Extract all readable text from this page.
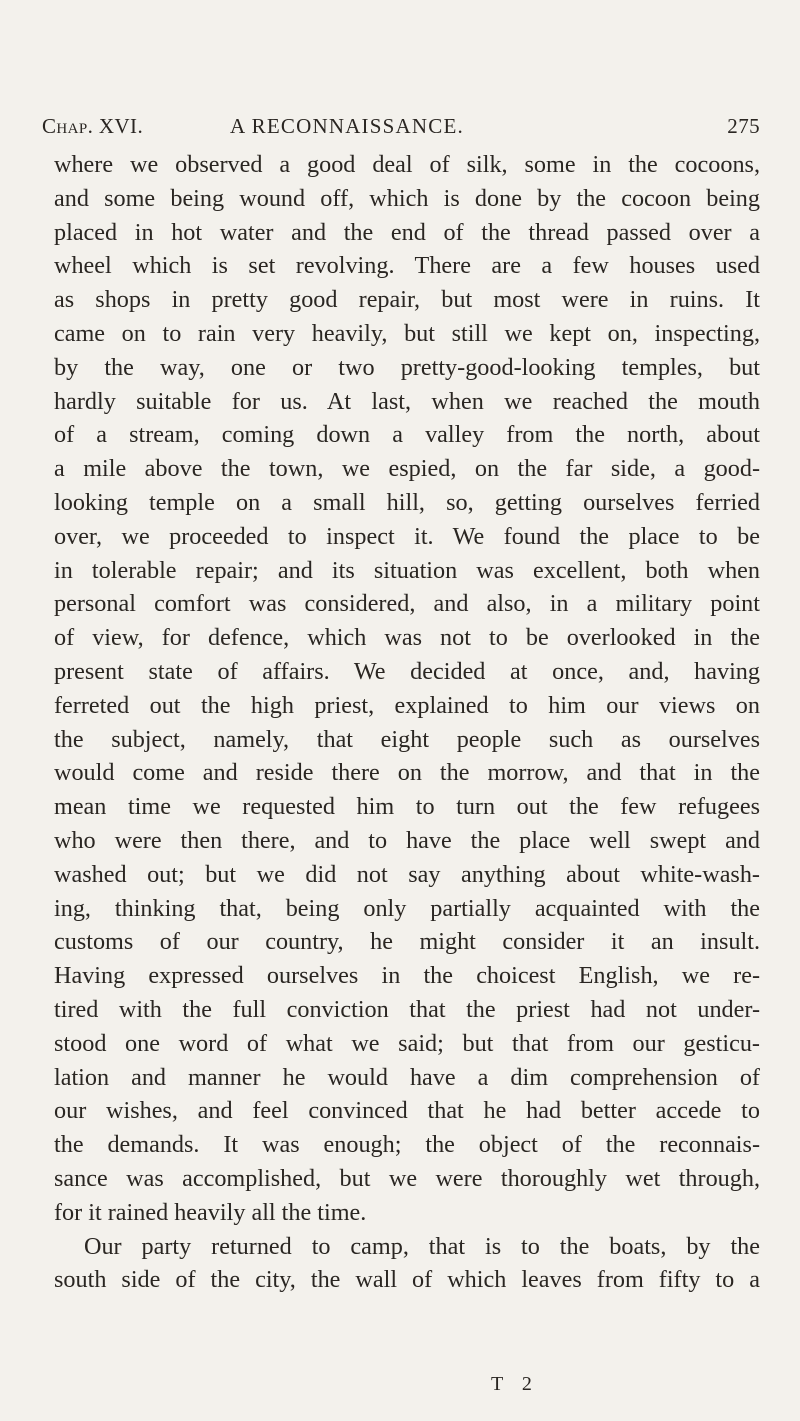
Chap. XVI.	A RECONNAISSANCE.	275
where we observed a good deal of silk, some in the cocoons,
and some being wound off, which is done by the cocoon being
placed in hot water and the end of the thread passed over a
wheel which is set revolving. There are a few houses used
as shops in pretty good repair, but most were in ruins. It
came on to rain very heavily, but still we kept on, inspecting,
by the way, one or two pretty-good-looking temples, but
hardly suitable for us. At last, when we reached the mouth
of a stream, coming down a valley from the north, about
a mile above the town, we espied, on the far side, a good-
looking temple on a small hill, so, getting ourselves ferried
over, we proceeded to inspect it. We found the place to be
in tolerable repair; and its situation was excellent, both when
personal comfort was considered, and also, in a military point
of view, for defence, which was not to be overlooked in the
present state of affairs. We decided at once, and, having
ferreted out the high priest, explained to him our views on
the subject, namely, that eight people such as ourselves
would come and reside there on the morrow, and that in the
mean time we requested him to turn out the few refugees
who were then there, and to have the place well swept and
washed out; but we did not say anything about white-wash-
ing, thinking that, being only partially acquainted with the
customs of our country, he might consider it an insult.
Having expressed ourselves in the choicest English, we re-
tired with the full conviction that the priest had not under-
stood one word of what we said; but that from our gesticu-
lation and manner he would have a dim comprehension of
our wishes, and feel convinced that he had better accede to
the demands. It was enough; the object of the reconnais-
sance was accomplished, but we were thoroughly wet through,
for it rained heavily all the time.
Our party returned to camp, that is to the boats, by the
south side of the city, the wall of which leaves from fifty to a
T 2
